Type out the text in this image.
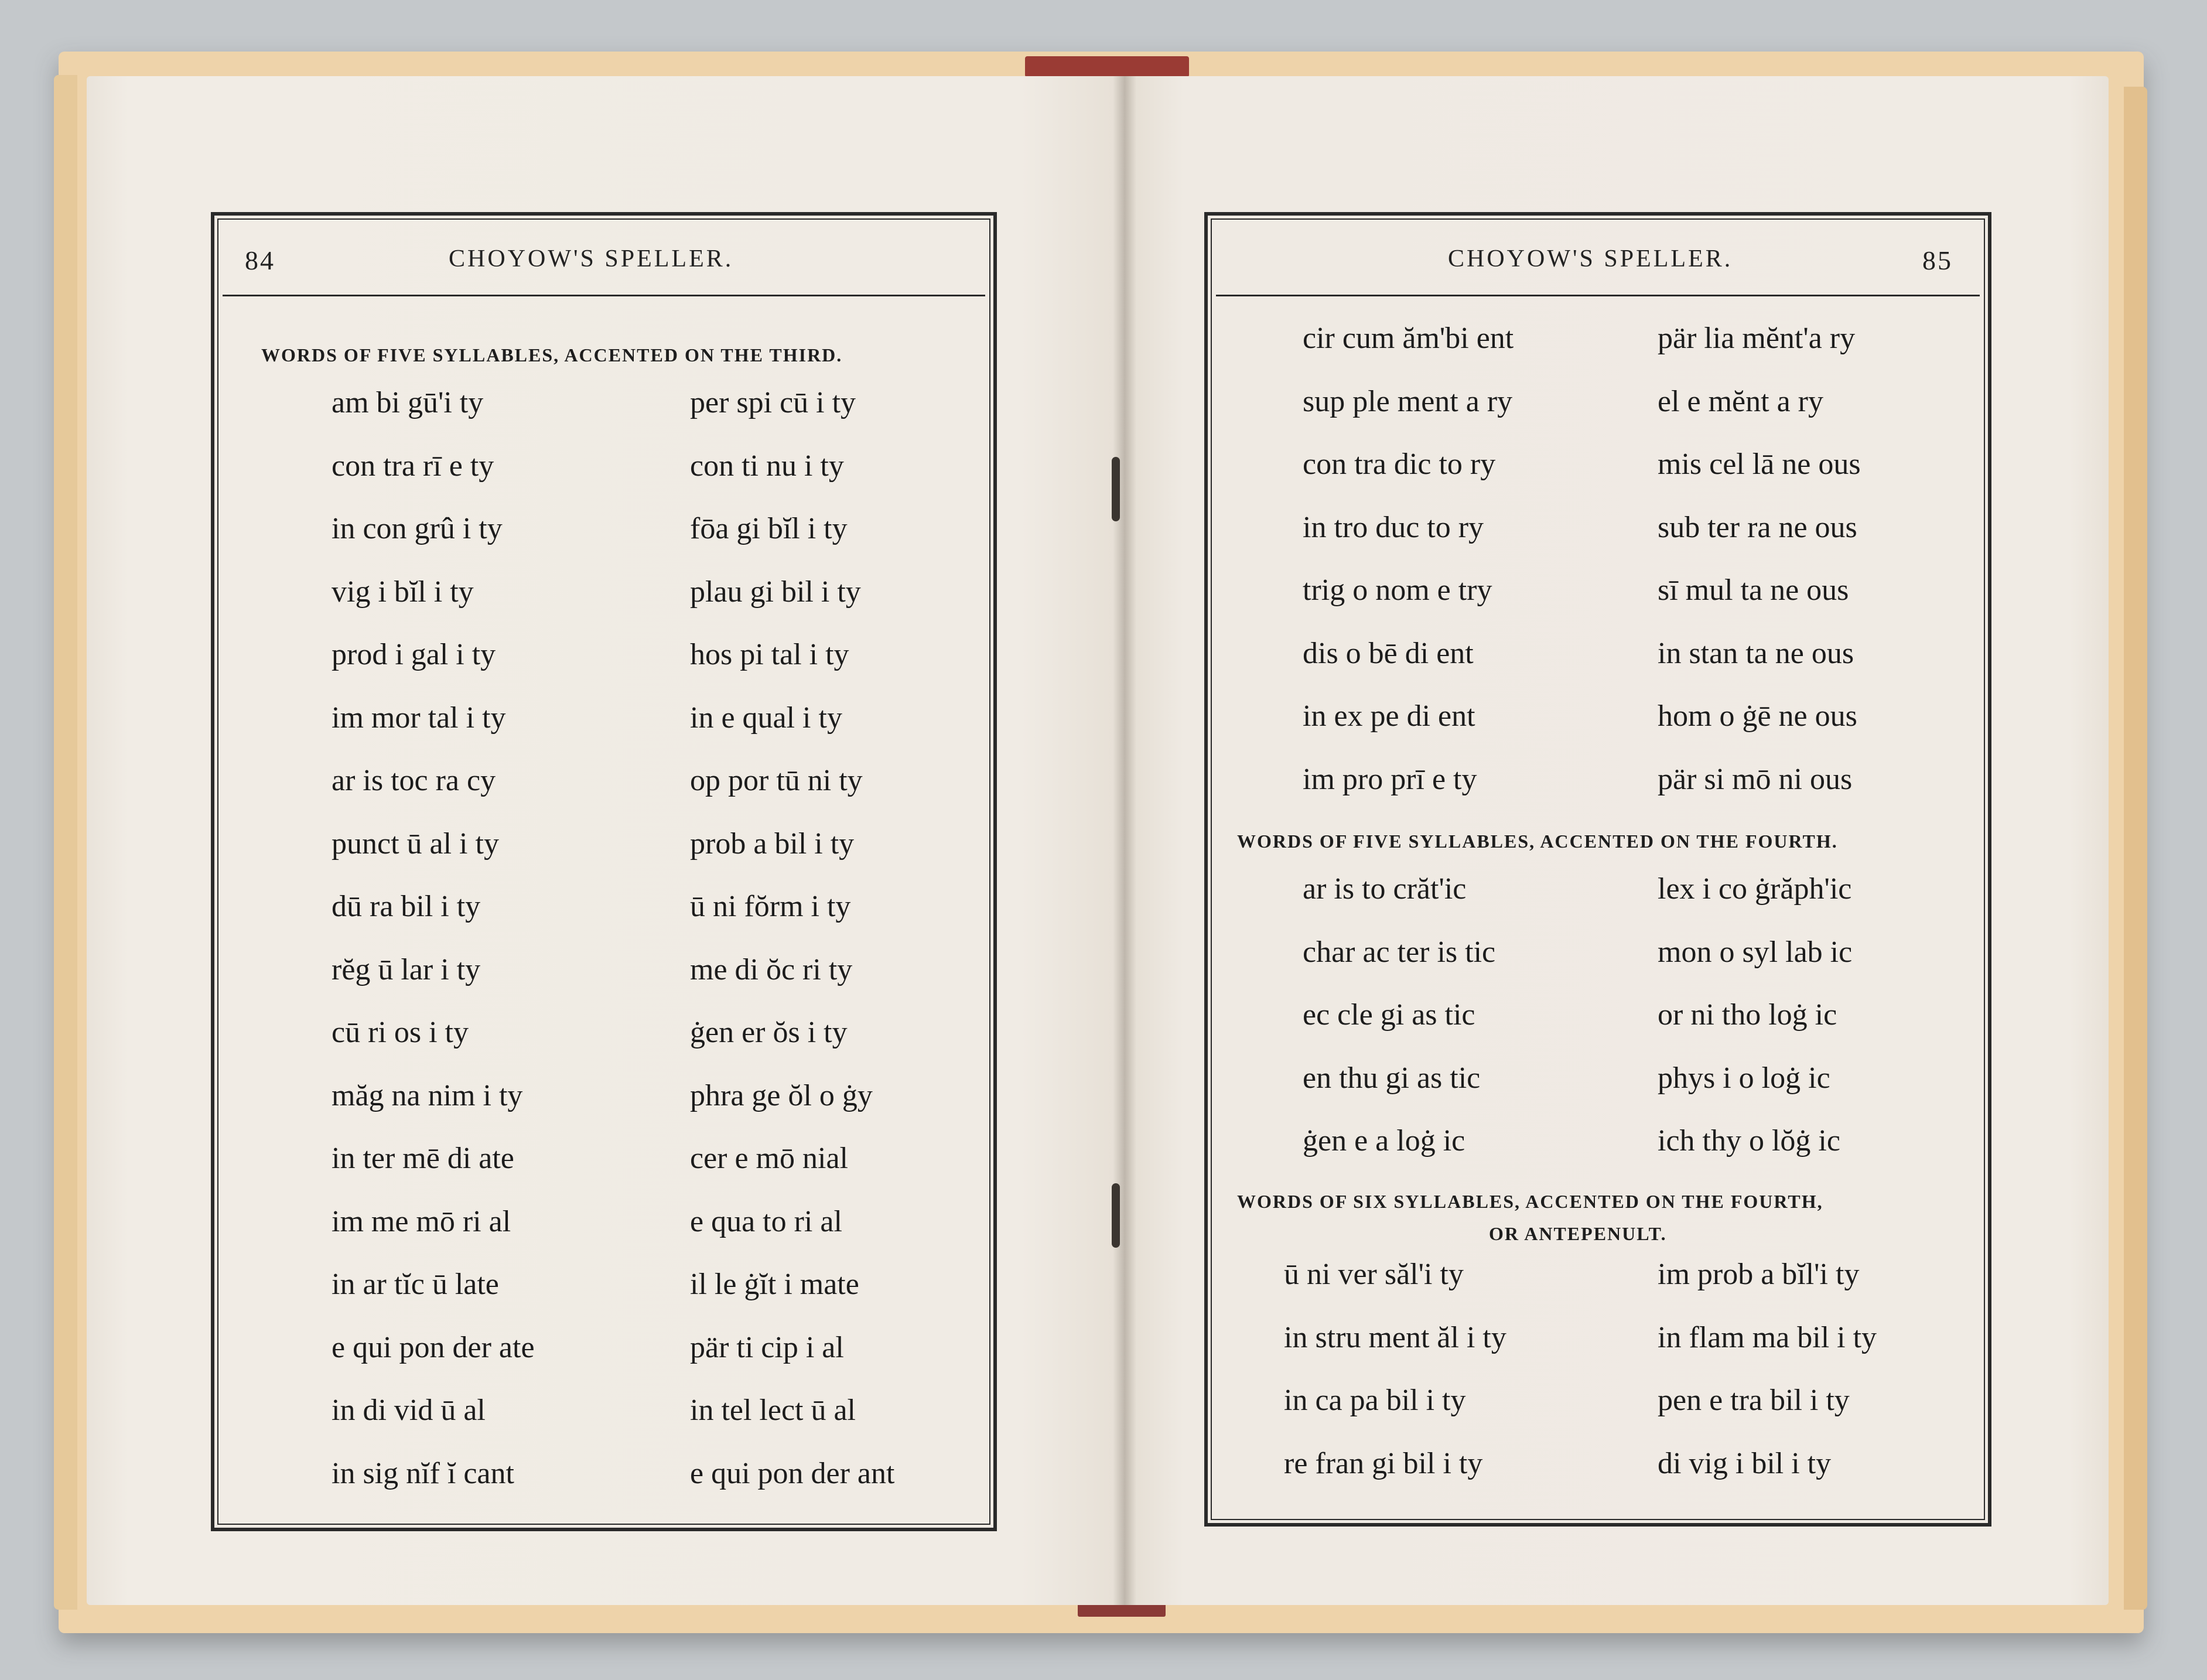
84	CHOYOW'S SPELLER.
WORDS OF FIVE SYLLABLES, ACCENTED ON THE THIRD.
am bi gū'i ty	per spi cū i ty
con tra rī e ty	con ti nu i ty
in con grû i ty	fōa gi bĭl i ty
vig i bĭl i ty	plau gi bil i ty
prod i gal i ty	hos pi tal i ty
im mor tal i ty	in e qual i ty
ar is toc ra cy	op por tū ni ty
punct ū al i ty	prob a bil i ty
dū ra bil i ty	ū ni fŏrm i ty
rĕg ū lar i ty	me di ŏc ri ty
cū ri os i ty	ġen er ŏs i ty
măg na nim i ty	phra ge ŏl o ġy
in ter mē di ate	cer e mō nial
im me mō ri al	e qua to ri al
in ar tĭc ū late	il le ġĭt i mate
e qui pon der ate	pär ti cip i al
in di vid ū al	in tel lect ū al
in sig nĭf ĭ cant	e qui pon der ant
CHOYOW'S SPELLER.	85
cir cum ăm'bi ent	pär lia mĕnt'a ry
sup ple ment a ry	el e mĕnt a ry
con tra dic to ry	mis cel lā ne ous
in tro duc to ry	sub ter ra ne ous
trig o nom e try	sī mul ta ne ous
dis o bē di ent	in stan ta ne ous
in ex pe di ent	hom o ġē ne ous
im pro prī e ty	pär si mō ni ous
WORDS OF FIVE SYLLABLES, ACCENTED ON THE FOURTH.
ar is to crăt'ic	lex i co ġrăph'ic
char ac ter is tic	mon o syl lab ic
ec cle gi as tic	or ni tho loġ ic
en thu gi as tic	phys i o loġ ic
ġen e a loġ ic	ich thy o lŏġ ic
WORDS OF SIX SYLLABLES, ACCENTED ON THE FOURTH,
OR ANTEPENULT.
ū ni ver săl'i ty	im prob a bĭl'i ty
in stru ment ăl i ty	in flam ma bil i ty
in ca pa bil i ty	pen e tra bil i ty
re fran gi bil i ty	di vig i bil i ty
